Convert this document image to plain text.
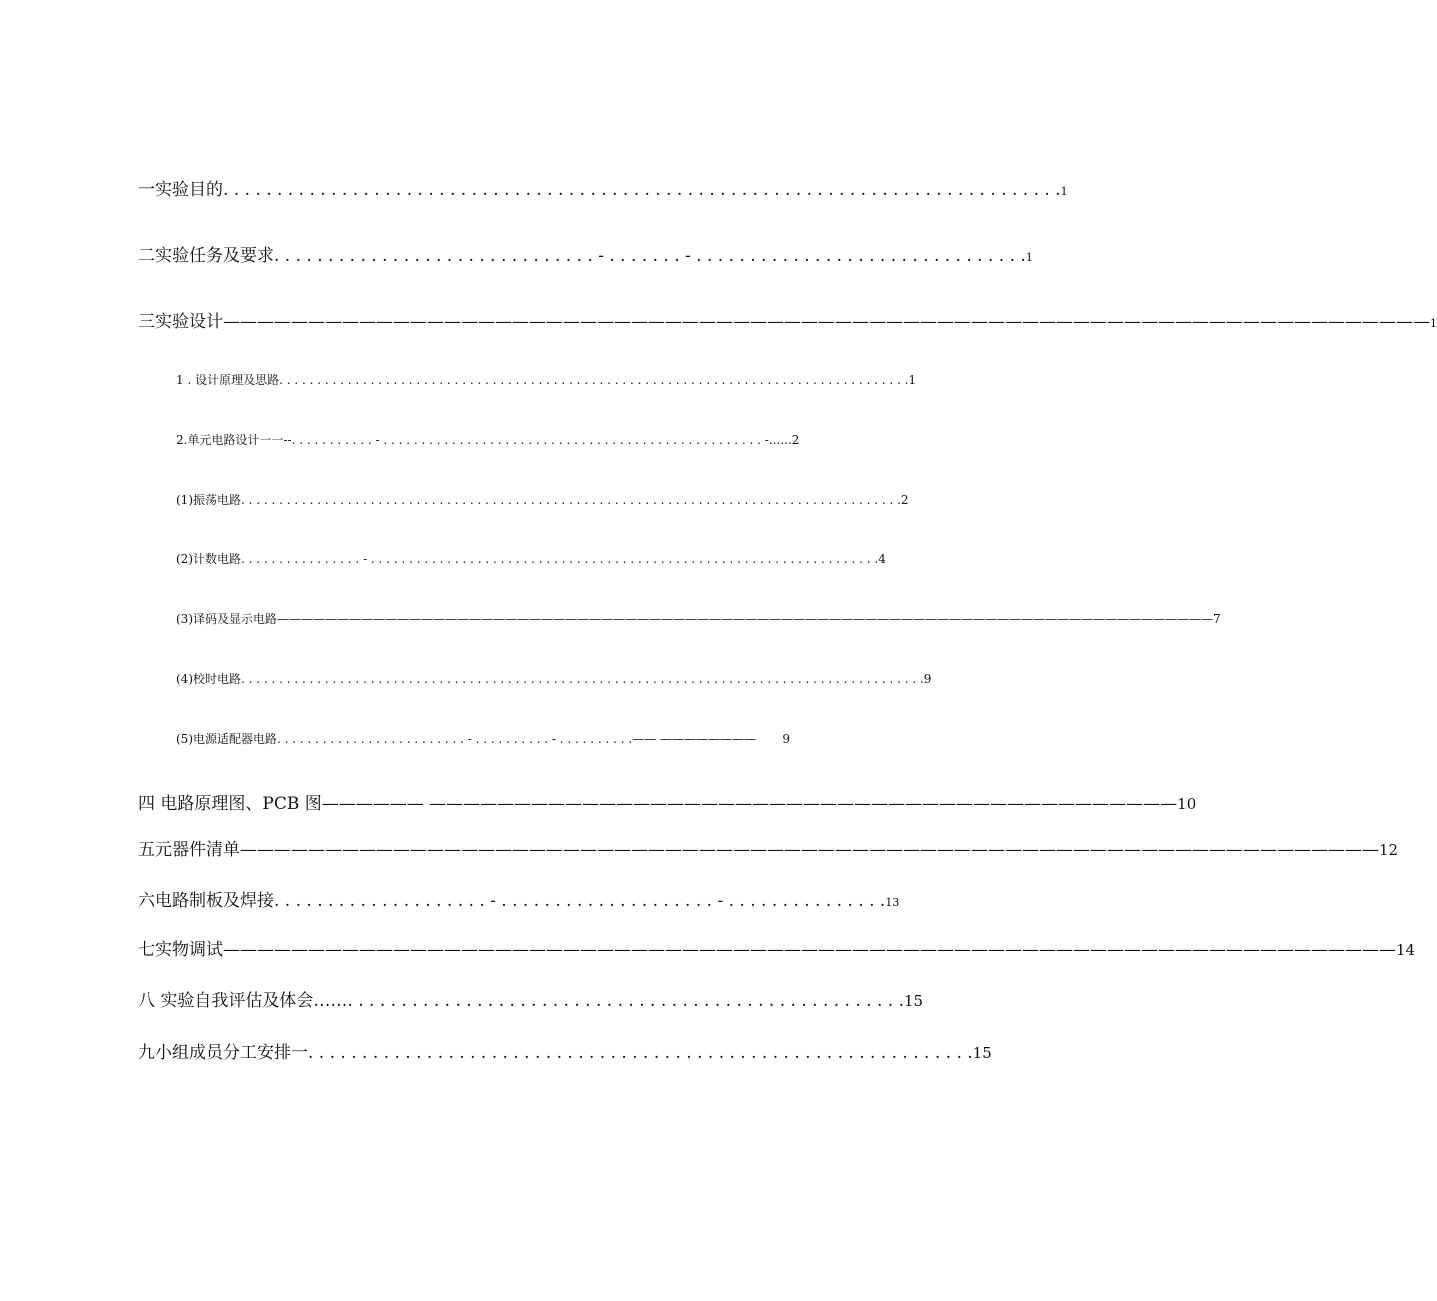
一实验目的 . . . . . . . . . . . . . . . . . . . . . . . . . . . . . . . . . . . . . . . . . . . . . . . . . . . . . . . . . . . . . . . . . . . . . . . . . . . . . . 1
二实验任务及要求 . . . . . . . . . . . . . . . . . . . . . . . . . . . . . . - . . . . . . . - . . . . . . . . . . . . . . . . . . . . . . . . . . . . . . . 1
三实验设计 ——————————————————————————————————————————————————————————————————————— 1
1 . 设计原理及思路 . . . . . . . . . . . . . . . . . . . . . . . . . . . . . . . . . . . . . . . . . . . . . . . . . . . . . . . . . . . . . . . . . . . . . . . . . . . . . . . . . . . 1
2.单元电路设计一一-- . . . . . . . . . . . - . . . . . . . . . . . . . . . . . . . . . . . . . . . . . . . . . . . . . . . . . . . . . . . . . . - ......2
(1)振荡电路 . . . . . . . . . . . . . . . . . . . . . . . . . . . . . . . . . . . . . . . . . . . . . . . . . . . . . . . . . . . . . . . . . . . . . . . . . . . . . . . . . . . . . . . 2
(2)计数电路 . . . . . . . . . . . . . . . . - . . . . . . . . . . . . . . . . . . . . . . . . . . . . . . . . . . . . . . . . . . . . . . . . . . . . . . . . . . . . . . . . . . . 4
(3)译码及显示电路 —————————————————————————————————————————————————————————————————————————————— 7
(4)校时电路 . . . . . . . . . . . . . . . . . . . . . . . . . . . . . . . . . . . . . . . . . . . . . . . . . . . . . . . . . . . . . . . . . . . . . . . . . . . . . . . . . . . . . . . . . . 9
(5)电源适配器电路 . . . . . . . . . . . . . . . . . . . . . . . . . - . . . . . . . . . . - . . . . . . . . . .—— ————————	9
四 电路原理图、PCB 图 —————— ———————————————————————————————————————————— 10
五元器件清单 ——————————————————————————————————————————————————————————————————— 12
六电路制板及焊接 . . . . . . . . . . . . . . . . . . . . - . . . . . . . . . . . . . . . . . . . . - . . . . . . . . . . . . . . . 13
七实物调试 ————————————————————————————————————————————————————————————————————— 14
八 实验自我评估及体会…… . . . . . . . . . . . . . . . . . . . . . . . . . . . . . . . . . . . . . . . . . . . . . . . . . . . . 15
九小组成员分工安排一 . . . . . . . . . . . . . . . . . . . . . . . . . . . . . . . . . . . . . . . . . . . . . . . . . . . . . . . . . . . . . . 15
